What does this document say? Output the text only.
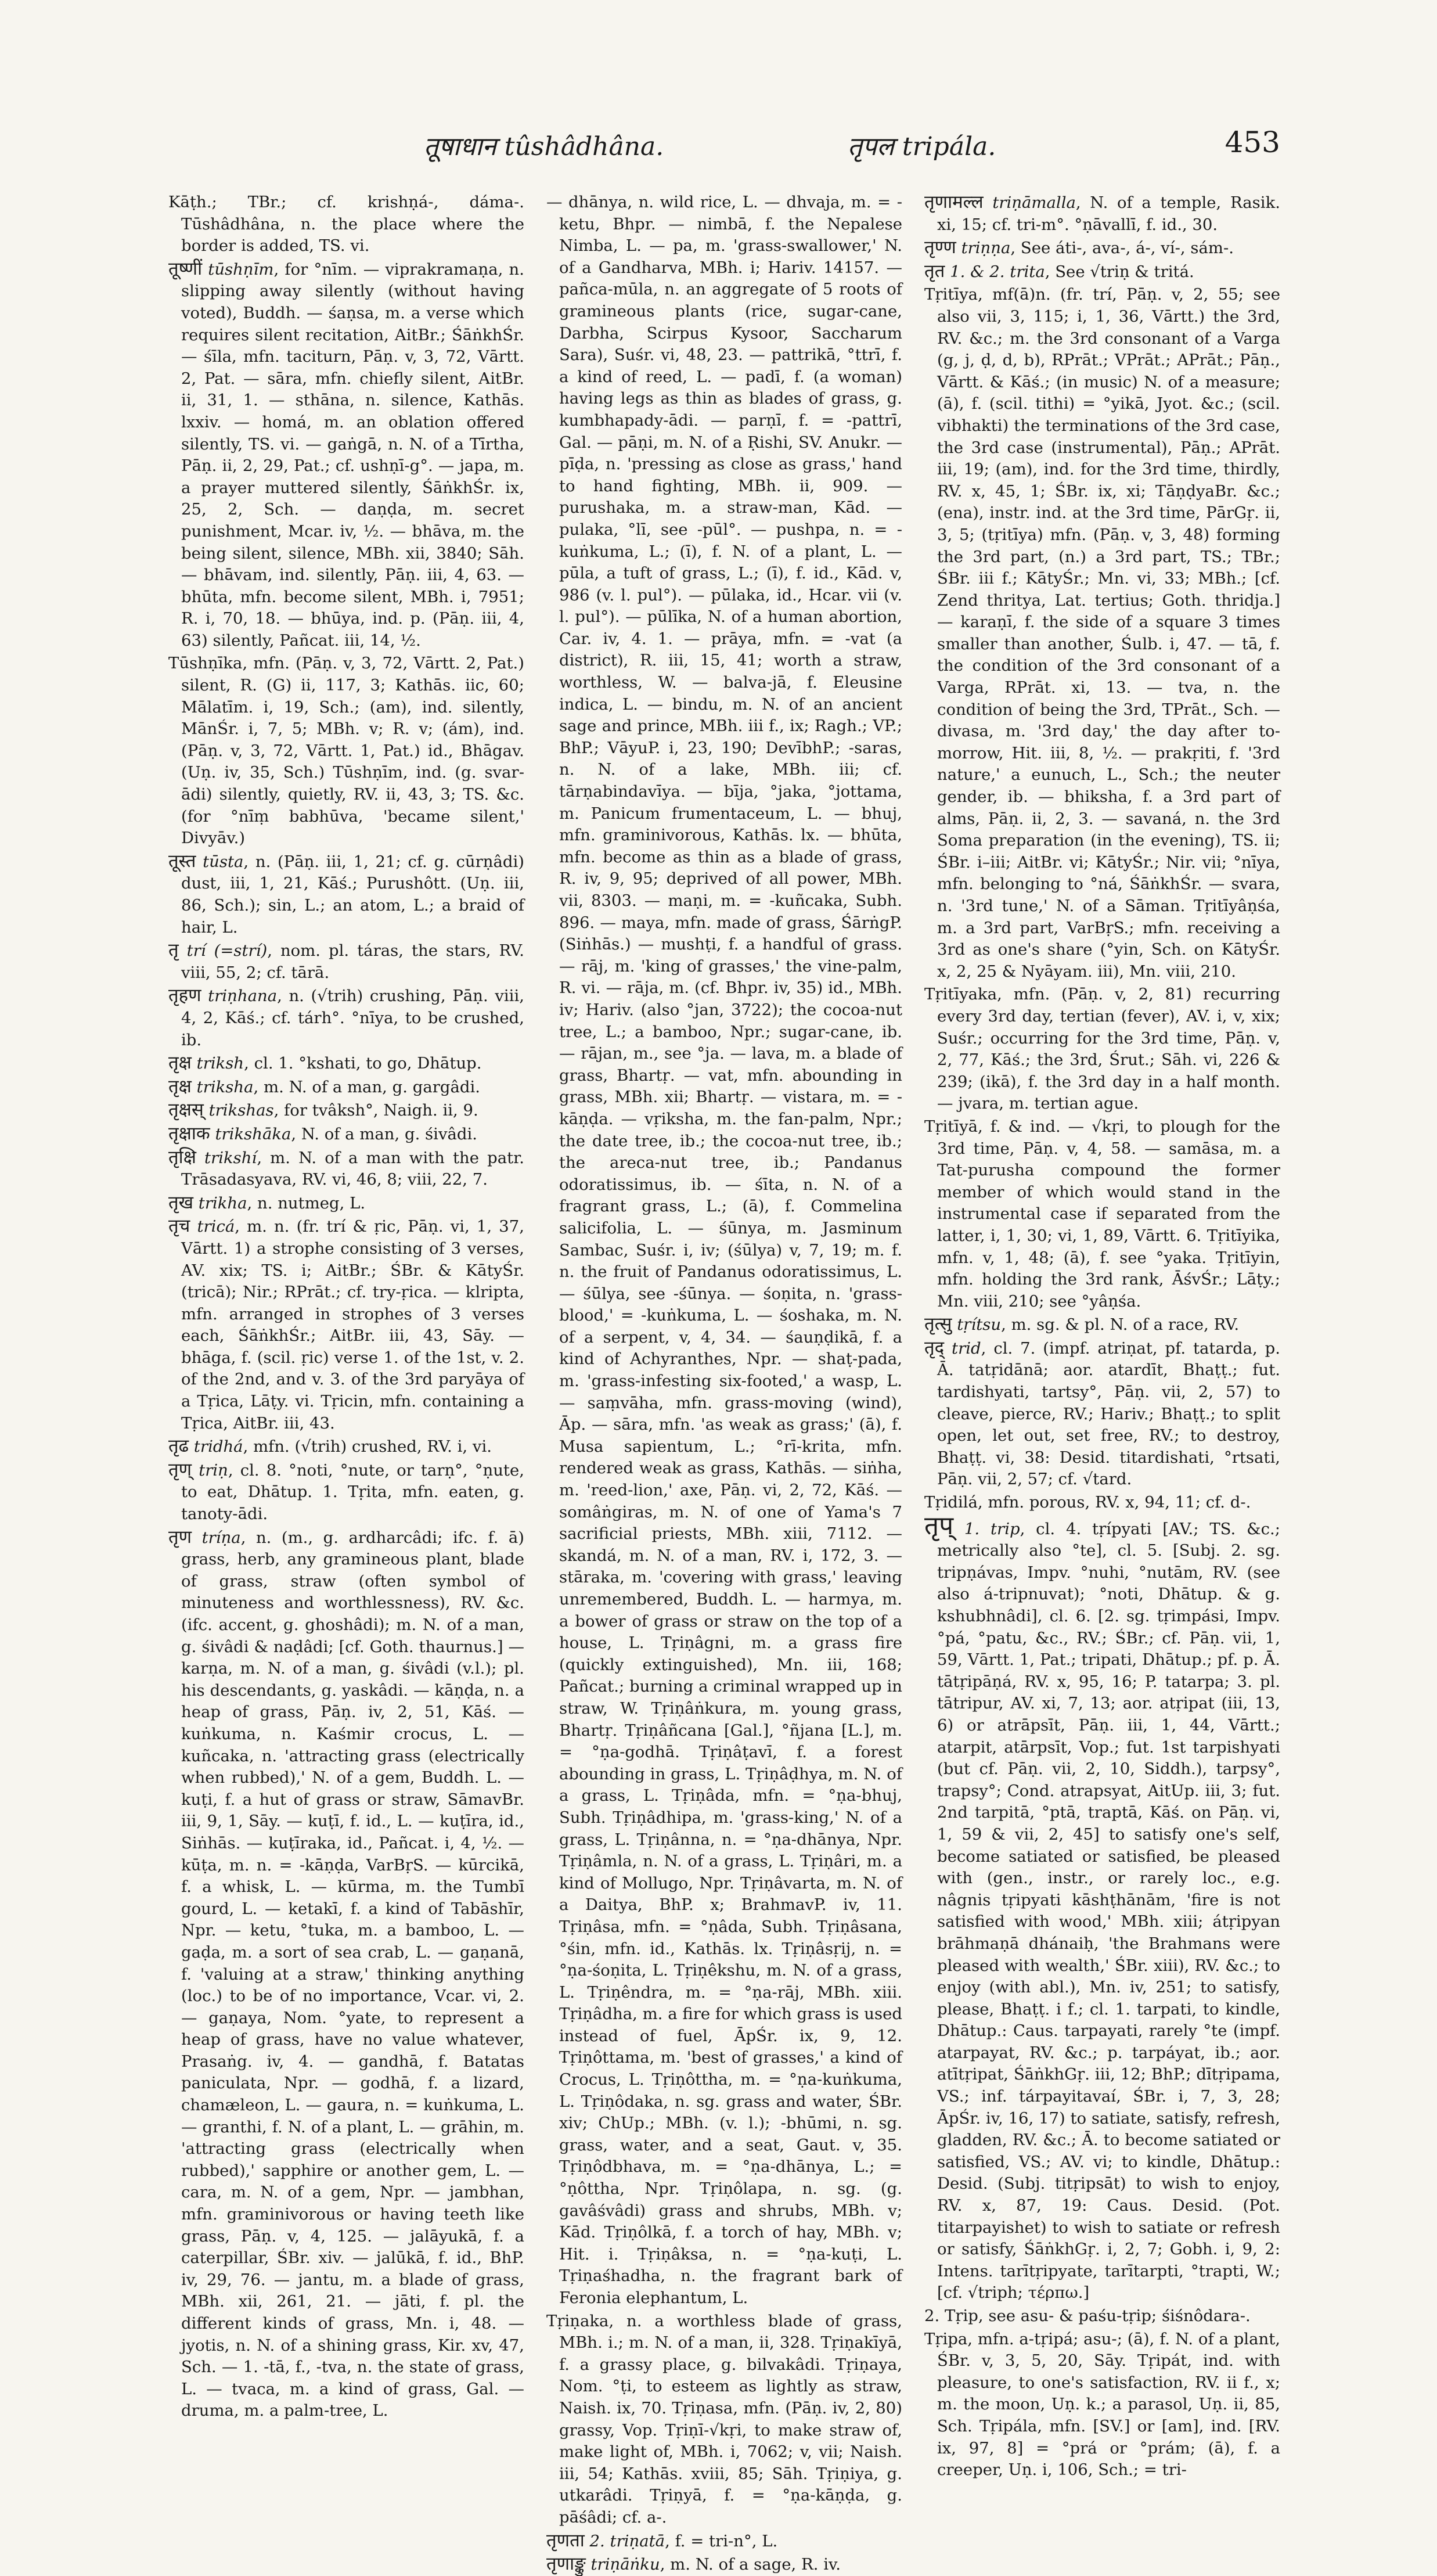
तूषाधान tûshâdhâna.	तृपल tripála.	453

Kāṭh.; TBr.; cf. krishṇá-, dáma-. Tūshâdhâna, n. the place where the border is added, TS. vi.

तूष्णीं tūshṇīm, for °nīm. — viprakramaṇa, n. slipping away silently (without having voted), Buddh. — śaṇsa, m. a verse which requires silent recitation, AitBr.; ŚāṅkhŚr. — śīla, mfn. taciturn, Pāṇ. v, 3, 72, Vārtt. 2, Pat. — sāra, mfn. chiefly silent, AitBr. ii, 31, 1. — sthāna, n. silence, Kathās. lxxiv. — homá, m. an oblation offered silently, TS. vi. — gaṅgā, n. N. of a Tīrtha, Pāṇ. ii, 2, 29, Pat.; cf. ushṇī-g°. — japa, m. a prayer muttered silently, ŚāṅkhŚr. ix, 25, 2, Sch. — daṇḍa, m. secret punishment, Mcar. iv, ½. — bhāva, m. the being silent, silence, MBh. xii, 3840; Sāh. — bhāvam, ind. silently, Pāṇ. iii, 4, 63. — bhūta, mfn. become silent, MBh. i, 7951; R. i, 70, 18. — bhūya, ind. p. (Pāṇ. iii, 4, 63) silently, Pañcat. iii, 14, ½.

Tūshṇīka, mfn. (Pāṇ. v, 3, 72, Vārtt. 2, Pat.) silent, R. (G) ii, 117, 3; Kathās. iic, 60; Mālatīm. i, 19, Sch.; (am), ind. silently, MānŚr. i, 7, 5; MBh. v; R. v; (ám), ind. (Pāṇ. v, 3, 72, Vārtt. 1, Pat.) id., Bhāgav. (Uṇ. iv, 35, Sch.) Tūshṇīm, ind. (g. svar-ādi) silently, quietly, RV. ii, 43, 3; TS. &c. (for °nīṃ babhūva, 'became silent,' Divyāv.)

तूस्त tūsta, n. (Pāṇ. iii, 1, 21; cf. g. cūrṇâdi) dust, iii, 1, 21, Kāś.; Purushôtt. (Uṇ. iii, 86, Sch.); sin, L.; an atom, L.; a braid of hair, L.

तृ trí (=strí), nom. pl. táras, the stars, RV. viii, 55, 2; cf. tārā.

तृहण triṇhana, n. (√trih) crushing, Pāṇ. viii, 4, 2, Kāś.; cf. tárh°. °nīya, to be crushed, ib.

तृक्ष triksh, cl. 1. °kshati, to go, Dhātup.

तृक्ष triksha, m. N. of a man, g. gargâdi.

तृक्षस् trikshas, for tvâksh°, Naigh. ii, 9.

तृक्षाक trikshāka, N. of a man, g. śivâdi.

तृक्षि trikshí, m. N. of a man with the patr. Trāsadasyava, RV. vi, 46, 8; viii, 22, 7.

तृख trikha, n. nutmeg, L.

तृच tricá, m. n. (fr. trí & ṛic, Pāṇ. vi, 1, 37, Vārtt. 1) a strophe consisting of 3 verses, AV. xix; TS. i; AitBr.; ŚBr. & KātyŚr. (tricā); Nir.; RPrāt.; cf. try-ṛica. — klripta, mfn. arranged in strophes of 3 verses each, ŚāṅkhŚr.; AitBr. iii, 43, Sāy. — bhāga, f. (scil. ṛic) verse 1. of the 1st, v. 2. of the 2nd, and v. 3. of the 3rd paryāya of a Tṛica, Lāṭy. vi. Tṛicin, mfn. containing a Tṛica, AitBr. iii, 43.

तृढ tridhá, mfn. (√trih) crushed, RV. i, vi.

तृण् triṇ, cl. 8. °noti, °nute, or tarṇ°, °ṇute, to eat, Dhātup. 1. Tṛita, mfn. eaten, g. tanoty-ādi.

तृण tríṇa, n. (m., g. ardharcâdi; ifc. f. ā) grass, herb, any gramineous plant, blade of grass, straw (often symbol of minuteness and worthlessness), RV. &c. (ifc. accent, g. ghoshâdi); m. N. of a man, g. śivâdi & naḍâdi; [cf. Goth. thaurnus.] — karṇa, m. N. of a man, g. śivâdi (v.l.); pl. his descendants, g. yaskâdi. — kāṇḍa, n. a heap of grass, Pāṇ. iv, 2, 51, Kāś. — kuṅkuma, n. Kaśmir crocus, L. — kuñcaka, n. 'attracting grass (electrically when rubbed),' N. of a gem, Buddh. L. — kuṭi, f. a hut of grass or straw, SāmavBr. iii, 9, 1, Sāy. — kuṭī, f. id., L. — kuṭīra, id., Siṅhās. — kuṭīraka, id., Pañcat. i, 4, ½. — kūṭa, m. n. = -kāṇḍa, VarBṛS. — kūrcikā, f. a whisk, L. — kūrma, m. the Tumbī gourd, L. — ketakī, f. a kind of Tabāshīr, Npr. — ketu, °tuka, m. a bamboo, L. — gaḍa, m. a sort of sea crab, L. — gaṇanā, f. 'valuing at a straw,' thinking anything (loc.) to be of no importance, Vcar. vi, 2. — gaṇaya, Nom. °yate, to represent a heap of grass, have no value whatever, Prasaṅg. iv, 4. — gandhā, f. Batatas paniculata, Npr. — godhā, f. a lizard, chamæleon, L. — gaura, n. = kuṅkuma, L. — granthi, f. N. of a plant, L. — grāhin, m. 'attracting grass (electrically when rubbed),' sapphire or another gem, L. — cara, m. N. of a gem, Npr. — jambhan, mfn. graminivorous or having teeth like grass, Pāṇ. v, 4, 125. — jalāyukā, f. a caterpillar, ŚBr. xiv. — jalūkā, f. id., BhP. iv, 29, 76. — jantu, m. a blade of grass, MBh. xii, 261, 21. — jāti, f. pl. the different kinds of grass, Mn. i, 48. — jyotis, n. N. of a shining grass, Kir. xv, 47, Sch. — 1. -tā, f., -tva, n. the state of grass, L. — tvaca, m. a kind of grass, Gal. — druma, m. a palm-tree, L.

— dhānya, n. wild rice, L. — dhvaja, m. = -ketu, Bhpr. — nimbā, f. the Nepalese Nimba, L. — pa, m. 'grass-swallower,' N. of a Gandharva, MBh. i; Hariv. 14157. — pañca-mūla, n. an aggregate of 5 roots of gramineous plants (rice, sugar-cane, Darbha, Scirpus Kysoor, Saccharum Sara), Suśr. vi, 48, 23. — pattrikā, °ttrī, f. a kind of reed, L. — padī, f. (a woman) having legs as thin as blades of grass, g. kumbhapady-ādi. — parṇī, f. = -pattrī, Gal. — pāṇi, m. N. of a Ṛishi, SV. Anukr. — pīḍa, n. 'pressing as close as grass,' hand to hand fighting, MBh. ii, 909. — purushaka, m. a straw-man, Kād. — pulaka, °lī, see -pūl°. — pushpa, n. = -kuṅkuma, L.; (ī), f. N. of a plant, L. — pūla, a tuft of grass, L.; (ī), f. id., Kād. v, 986 (v. l. pul°). — pūlaka, id., Hcar. vii (v. l. pul°). — pūlīka, N. of a human abortion, Car. iv, 4. 1. — prāya, mfn. = -vat (a district), R. iii, 15, 41; worth a straw, worthless, W. — balva-jā, f. Eleusine indica, L. — bindu, m. N. of an ancient sage and prince, MBh. iii f., ix; Ragh.; VP.; BhP.; VāyuP. i, 23, 190; DevībhP.; -saras, n. N. of a lake, MBh. iii; cf. tārṇabindavīya. — bīja, °jaka, °jottama, m. Panicum frumentaceum, L. — bhuj, mfn. graminivorous, Kathās. lx. — bhūta, mfn. become as thin as a blade of grass, R. iv, 9, 95; deprived of all power, MBh. vii, 8303. — maṇi, m. = -kuñcaka, Subh. 896. — maya, mfn. made of grass, ŚārṅgP. (Siṅhās.) — mushṭi, f. a handful of grass. — rāj, m. 'king of grasses,' the vine-palm, R. vi. — rāja, m. (cf. Bhpr. iv, 35) id., MBh. iv; Hariv. (also °jan, 3722); the cocoa-nut tree, L.; a bamboo, Npr.; sugar-cane, ib. — rājan, m., see °ja. — lava, m. a blade of grass, Bhartṛ. — vat, mfn. abounding in grass, MBh. xii; Bhartṛ. — vistara, m. = -kāṇḍa. — vṛiksha, m. the fan-palm, Npr.; the date tree, ib.; the cocoa-nut tree, ib.; the areca-nut tree, ib.; Pandanus odoratissimus, ib. — śīta, n. N. of a fragrant grass, L.; (ā), f. Commelina salicifolia, L. — śūnya, m. Jasminum Sambac, Suśr. i, iv; (śūlya) v, 7, 19; m. f. n. the fruit of Pandanus odoratissimus, L. — śūlya, see -śūnya. — śoṇita, n. 'grass-blood,' = -kuṅkuma, L. — śoshaka, m. N. of a serpent, v, 4, 34. — śauṇḍikā, f. a kind of Achyranthes, Npr. — shaṭ-pada, m. 'grass-infesting six-footed,' a wasp, L. — saṃvāha, mfn. grass-moving (wind), Āp. — sāra, mfn. 'as weak as grass;' (ā), f. Musa sapientum, L.; °rī-krita, mfn. rendered weak as grass, Kathās. — siṅha, m. 'reed-lion,' axe, Pāṇ. vi, 2, 72, Kāś. — somâṅgiras, m. N. of one of Yama's 7 sacrificial priests, MBh. xiii, 7112. — skandá, m. N. of a man, RV. i, 172, 3. — stāraka, m. 'covering with grass,' leaving unremembered, Buddh. L. — harmya, m. a bower of grass or straw on the top of a house, L. Tṛiṇâgni, m. a grass fire (quickly extinguished), Mn. iii, 168; Pañcat.; burning a criminal wrapped up in straw, W. Tṛiṇâṅkura, m. young grass, Bhartṛ. Tṛiṇâñcana [Gal.], °ñjana [L.], m. = °ṇa-godhā. Tṛiṇâṭavī, f. a forest abounding in grass, L. Tṛiṇâḍhya, m. N. of a grass, L. Tṛiṇâda, mfn. = °ṇa-bhuj, Subh. Tṛiṇâdhipa, m. 'grass-king,' N. of a grass, L. Tṛiṇânna, n. = °ṇa-dhānya, Npr. Tṛiṇâmla, n. N. of a grass, L. Tṛiṇâri, m. a kind of Mollugo, Npr. Tṛiṇâvarta, m. N. of a Daitya, BhP. x; BrahmavP. iv, 11. Tṛiṇâsa, mfn. = °ṇâda, Subh. Tṛiṇâsana, °śin, mfn. id., Kathās. lx. Tṛiṇâsṛij, n. = °ṇa-śoṇita, L. Tṛiṇêkshu, m. N. of a grass, L. Tṛiṇêndra, m. = °ṇa-rāj, MBh. xiii. Tṛiṇâdha, m. a fire for which grass is used instead of fuel, ĀpŚr. ix, 9, 12. Tṛiṇôttama, m. 'best of grasses,' a kind of Crocus, L. Tṛiṇôttha, m. = °ṇa-kuṅkuma, L. Tṛiṇôdaka, n. sg. grass and water, ŚBr. xiv; ChUp.; MBh. (v. l.); -bhūmi, n. sg. grass, water, and a seat, Gaut. v, 35. Tṛiṇôdbhava, m. = °ṇa-dhānya, L.; = °ṇôttha, Npr. Tṛiṇôlapa, n. sg. (g. gavâśvâdi) grass and shrubs, MBh. v; Kād. Tṛiṇôlkā, f. a torch of hay, MBh. v; Hit. i. Tṛiṇâksa, n. = °ṇa-kuṭi, L. Tṛiṇaśhadha, n. the fragrant bark of Feronia elephantum, L.

Tṛiṇaka, n. a worthless blade of grass, MBh. i.; m. N. of a man, ii, 328. Tṛiṇakīyā, f. a grassy place, g. bilvakâdi. Tṛiṇaya, Nom. °ṭi, to esteem as lightly as straw, Naish. ix, 70. Tṛiṇasa, mfn. (Pāṇ. iv, 2, 80) grassy, Vop. Tṛiṇī-√kṛi, to make straw of, make light of, MBh. i, 7062; v, vii; Naish. iii, 54; Kathās. xviii, 85; Sāh. Tṛiṇiya, g. utkarâdi. Tṛiṇyā, f. = °ṇa-kāṇḍa, g. pāśâdi; cf. a-.

तृणता 2. triṇatā, f. = tri-n°, L.

तृणाङ्कु triṇāṅku, m. N. of a sage, R. iv.

तृणामल्ल triṇāmalla, N. of a temple, Rasik. xi, 15; cf. tri-m°. °ṇāvallī, f. id., 30.

तृण्ण triṇṇa, See áti-, ava-, á-, ví-, sám-.

तृत 1. & 2. trita, See √triṇ & tritá.

Tṛitīya, mf(ā)n. (fr. trí, Pāṇ. v, 2, 55; see also vii, 3, 115; i, 1, 36, Vārtt.) the 3rd, RV. &c.; m. the 3rd consonant of a Varga (g, j, ḍ, d, b), RPrāt.; VPrāt.; APrāt.; Pāṇ., Vārtt. & Kāś.; (in music) N. of a measure; (ā), f. (scil. tithi) = °yikā, Jyot. &c.; (scil. vibhakti) the terminations of the 3rd case, the 3rd case (instrumental), Pāṇ.; APrāt. iii, 19; (am), ind. for the 3rd time, thirdly, RV. x, 45, 1; ŚBr. ix, xi; TāṇḍyaBr. &c.; (ena), instr. ind. at the 3rd time, PārGṛ. ii, 3, 5; (tṛitīya) mfn. (Pāṇ. v, 3, 48) forming the 3rd part, (n.) a 3rd part, TS.; TBr.; ŚBr. iii f.; KātyŚr.; Mn. vi, 33; MBh.; [cf. Zend thritya, Lat. tertius; Goth. thridja.] — karaṇī, f. the side of a square 3 times smaller than another, Śulb. i, 47. — tā, f. the condition of the 3rd consonant of a Varga, RPrāt. xi, 13. — tva, n. the condition of being the 3rd, TPrāt., Sch. — divasa, m. '3rd day,' the day after to-morrow, Hit. iii, 8, ½. — prakṛiti, f. '3rd nature,' a eunuch, L., Sch.; the neuter gender, ib. — bhiksha, f. a 3rd part of alms, Pāṇ. ii, 2, 3. — savaná, n. the 3rd Soma preparation (in the evening), TS. ii; ŚBr. i–iii; AitBr. vi; KātyŚr.; Nir. vii; °nīya, mfn. belonging to °ná, ŚāṅkhŚr. — svara, n. '3rd tune,' N. of a Sāman. Tṛitīyâṇśa, m. a 3rd part, VarBṛS.; mfn. receiving a 3rd as one's share (°yin, Sch. on KātyŚr. x, 2, 25 & Nyāyam. iii), Mn. viii, 210.

Tṛitīyaka, mfn. (Pāṇ. v, 2, 81) recurring every 3rd day, tertian (fever), AV. i, v, xix; Suśr.; occurring for the 3rd time, Pāṇ. v, 2, 77, Kāś.; the 3rd, Śrut.; Sāh. vi, 226 & 239; (ikā), f. the 3rd day in a half month. — jvara, m. tertian ague.

Tṛitīyā, f. & ind. — √kṛi, to plough for the 3rd time, Pāṇ. v, 4, 58. — samāsa, m. a Tat-purusha compound the former member of which would stand in the instrumental case if separated from the latter, i, 1, 30; vi, 1, 89, Vārtt. 6. Tṛitīyika, mfn. v, 1, 48; (ā), f. see °yaka. Tṛitīyin, mfn. holding the 3rd rank, ĀśvŚr.; Lāṭy.; Mn. viii, 210; see °yâṇśa.

तृत्सु tṛítsu, m. sg. & pl. N. of a race, RV.

तृद् trid, cl. 7. (impf. atriṇat, pf. tatarda, p. Ā. tatṛidānā; aor. atardīt, Bhaṭṭ.; fut. tardishyati, tartsy°, Pāṇ. vii, 2, 57) to cleave, pierce, RV.; Hariv.; Bhaṭṭ.; to split open, let out, set free, RV.; to destroy, Bhaṭṭ. vi, 38: Desid. titardishati, °rtsati, Pāṇ. vii, 2, 57; cf. √tard.

Tṛidilá, mfn. porous, RV. x, 94, 11; cf. d-.

तृप् 1. trip, cl. 4. tṛípyati [AV.; TS. &c.; metrically also °te], cl. 5. [Subj. 2. sg. tripṇávas, Impv. °nuhi, °nutām, RV. (see also á-tripnuvat); °noti, Dhātup. & g. kshubhnâdi], cl. 6. [2. sg. tṛimpási, Impv. °pá, °patu, &c., RV.; ŚBr.; cf. Pāṇ. vii, 1, 59, Vārtt. 1, Pat.; tripati, Dhātup.; pf. p. Ā. tātṛipāṇá, RV. x, 95, 16; P. tatarpa; 3. pl. tātripur, AV. xi, 7, 13; aor. atṛipat (iii, 13, 6) or atrāpsīt, Pāṇ. iii, 1, 44, Vārtt.; atarpit, atārpsīt, Vop.; fut. 1st tarpishyati (but cf. Pāṇ. vii, 2, 10, Siddh.), tarpsy°, trapsy°; Cond. atrapsyat, AitUp. iii, 3; fut. 2nd tarpitā, °ptā, traptā, Kāś. on Pāṇ. vi, 1, 59 & vii, 2, 45] to satisfy one's self, become satiated or satisfied, be pleased with (gen., instr., or rarely loc., e.g. nâgnis tṛipyati kāshṭhānām, 'fire is not satisfied with wood,' MBh. xiii; átṛipyan brāhmaṇā dhánaiḥ, 'the Brahmans were pleased with wealth,' ŚBr. xiii), RV. &c.; to enjoy (with abl.), Mn. iv, 251; to satisfy, please, Bhaṭṭ. i f.; cl. 1. tarpati, to kindle, Dhātup.: Caus. tarpayati, rarely °te (impf. atarpayat, RV. &c.; p. tarpáyat, ib.; aor. atītṛipat, ŚāṅkhGṛ. iii, 12; BhP.; dītṛipama, VS.; inf. tárpayitavaí, ŚBr. i, 7, 3, 28; ĀpŚr. iv, 16, 17) to satiate, satisfy, refresh, gladden, RV. &c.; Ā. to become satiated or satisfied, VS.; AV. vi; to kindle, Dhātup.: Desid. (Subj. titṛipsāt) to wish to enjoy, RV. x, 87, 19: Caus. Desid. (Pot. titarpayishet) to wish to satiate or refresh or satisfy, ŚāṅkhGṛ. i, 2, 7; Gobh. i, 9, 2: Intens. tarītṛipyate, tarītarpti, °trapti, W.; [cf. √triph; τέρπω.]

2. Tṛip, see asu- & paśu-tṛip; śiśnôdara-.

Tṛipa, mfn. a-tṛipá; asu-; (ā), f. N. of a plant, ŚBr. v, 3, 5, 20, Sāy. Tṛipát, ind. with pleasure, to one's satisfaction, RV. ii f., x; m. the moon, Uṇ. k.; a parasol, Uṇ. ii, 85, Sch. Tṛipála, mfn. [SV.] or [am], ind. [RV. ix, 97, 8] = °prá or °prám; (ā), f. a creeper, Uṇ. i, 106, Sch.; = tri-
